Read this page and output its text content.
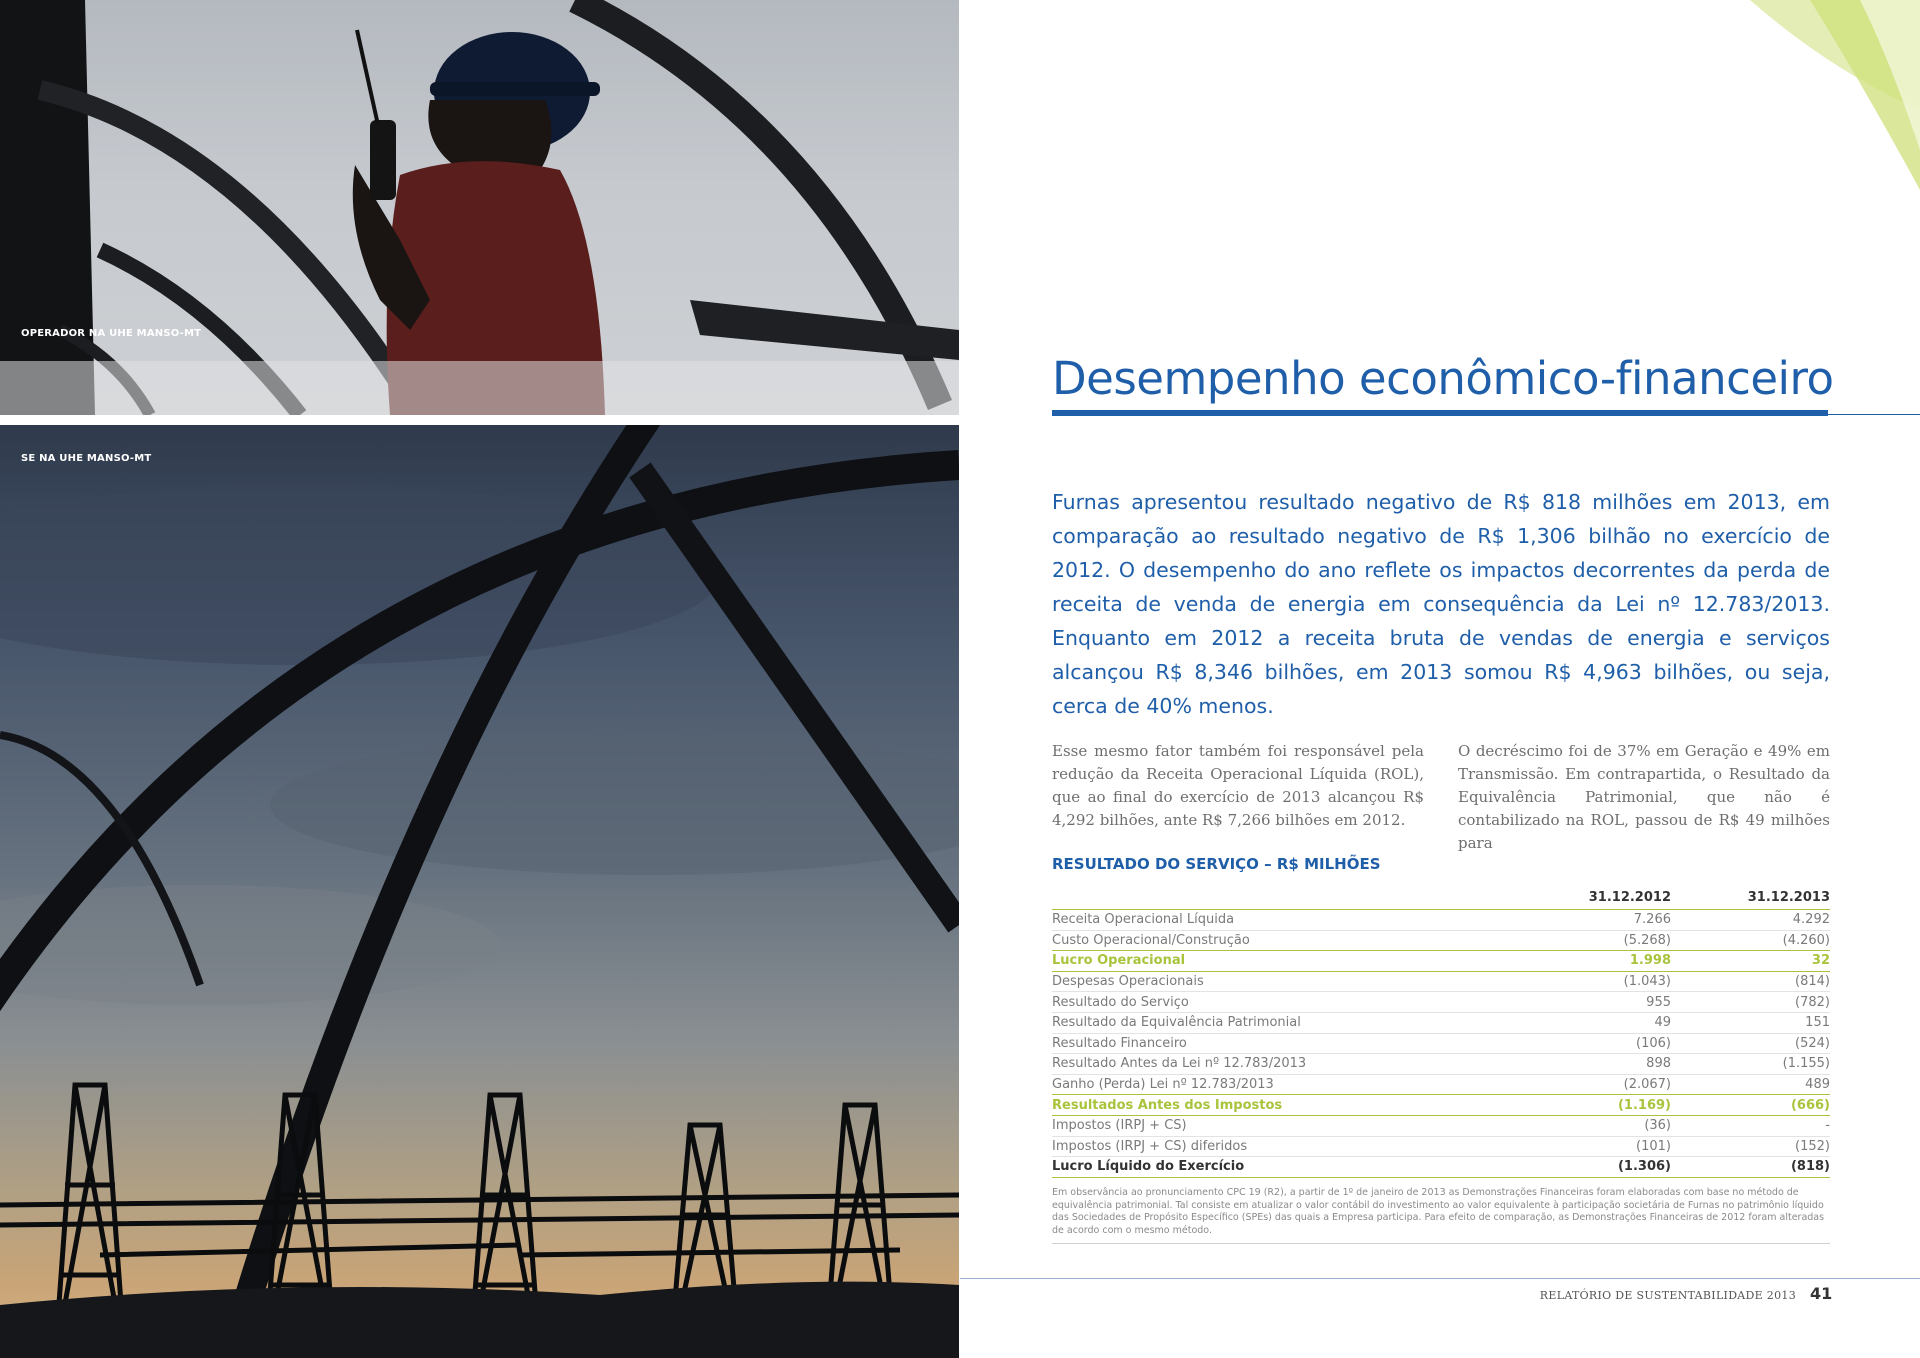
OPERADOR NA UHE MANSO-MT
SE NA UHE MANSO-MT
Desempenho econômico-financeiro

Furnas apresentou resultado negativo de R$ 818 milhões em 2013, em comparação ao resultado negativo de R$ 1,306 bilhão no exercício de 2012. O desempenho do ano reflete os impactos decorrentes da perda de receita de venda de energia em consequência da Lei nº 12.783/2013. Enquanto em 2012 a receita bruta de vendas de energia e serviços alcançou R$ 8,346 bilhões, em 2013 somou R$ 4,963 bilhões, ou seja, cerca de 40% menos.

Esse mesmo fator também foi responsável pela redução da Receita Operacional Líquida (ROL), que ao final do exercício de 2013 alcançou R$ 4,292 bilhões, ante R$ 7,266 bilhões em 2012.

O decréscimo foi de 37% em Geração e 49% em Transmissão. Em contrapartida, o Resultado da Equivalência Patrimonial, que não é contabilizado na ROL, passou de R$ 49 milhões para

RESULTADO DO SERVIÇO – R$ MILHÕES
	31.12.2012	31.12.2013
Receita Operacional Líquida	7.266	4.292
Custo Operacional/Construção	(5.268)	(4.260)
Lucro Operacional	1.998	32
Despesas Operacionais	(1.043)	(814)
Resultado do Serviço	955	(782)
Resultado da Equivalência Patrimonial	49	151
Resultado Financeiro	(106)	(524)
Resultado Antes da Lei nº 12.783/2013	898	(1.155)
Ganho (Perda) Lei nº 12.783/2013	(2.067)	489
Resultados Antes dos Impostos	(1.169)	(666)
Impostos (IRPJ + CS)	(36)	-
Impostos (IRPJ + CS) diferidos	(101)	(152)
Lucro Líquido do Exercício	(1.306)	(818)

Em observância ao pronunciamento CPC 19 (R2), a partir de 1º de janeiro de 2013 as Demonstrações Financeiras foram elaboradas com base no método de equivalência patrimonial. Tal consiste em atualizar o valor contábil do investimento ao valor equivalente à participação societária de Furnas no patrimônio líquido das Sociedades de Propósito Específico (SPEs) das quais a Empresa participa. Para efeito de comparação, as Demonstrações Financeiras de 2012 foram alteradas de acordo com o mesmo método.

RELATÓRIO DE SUSTENTABILIDADE 2013 41
